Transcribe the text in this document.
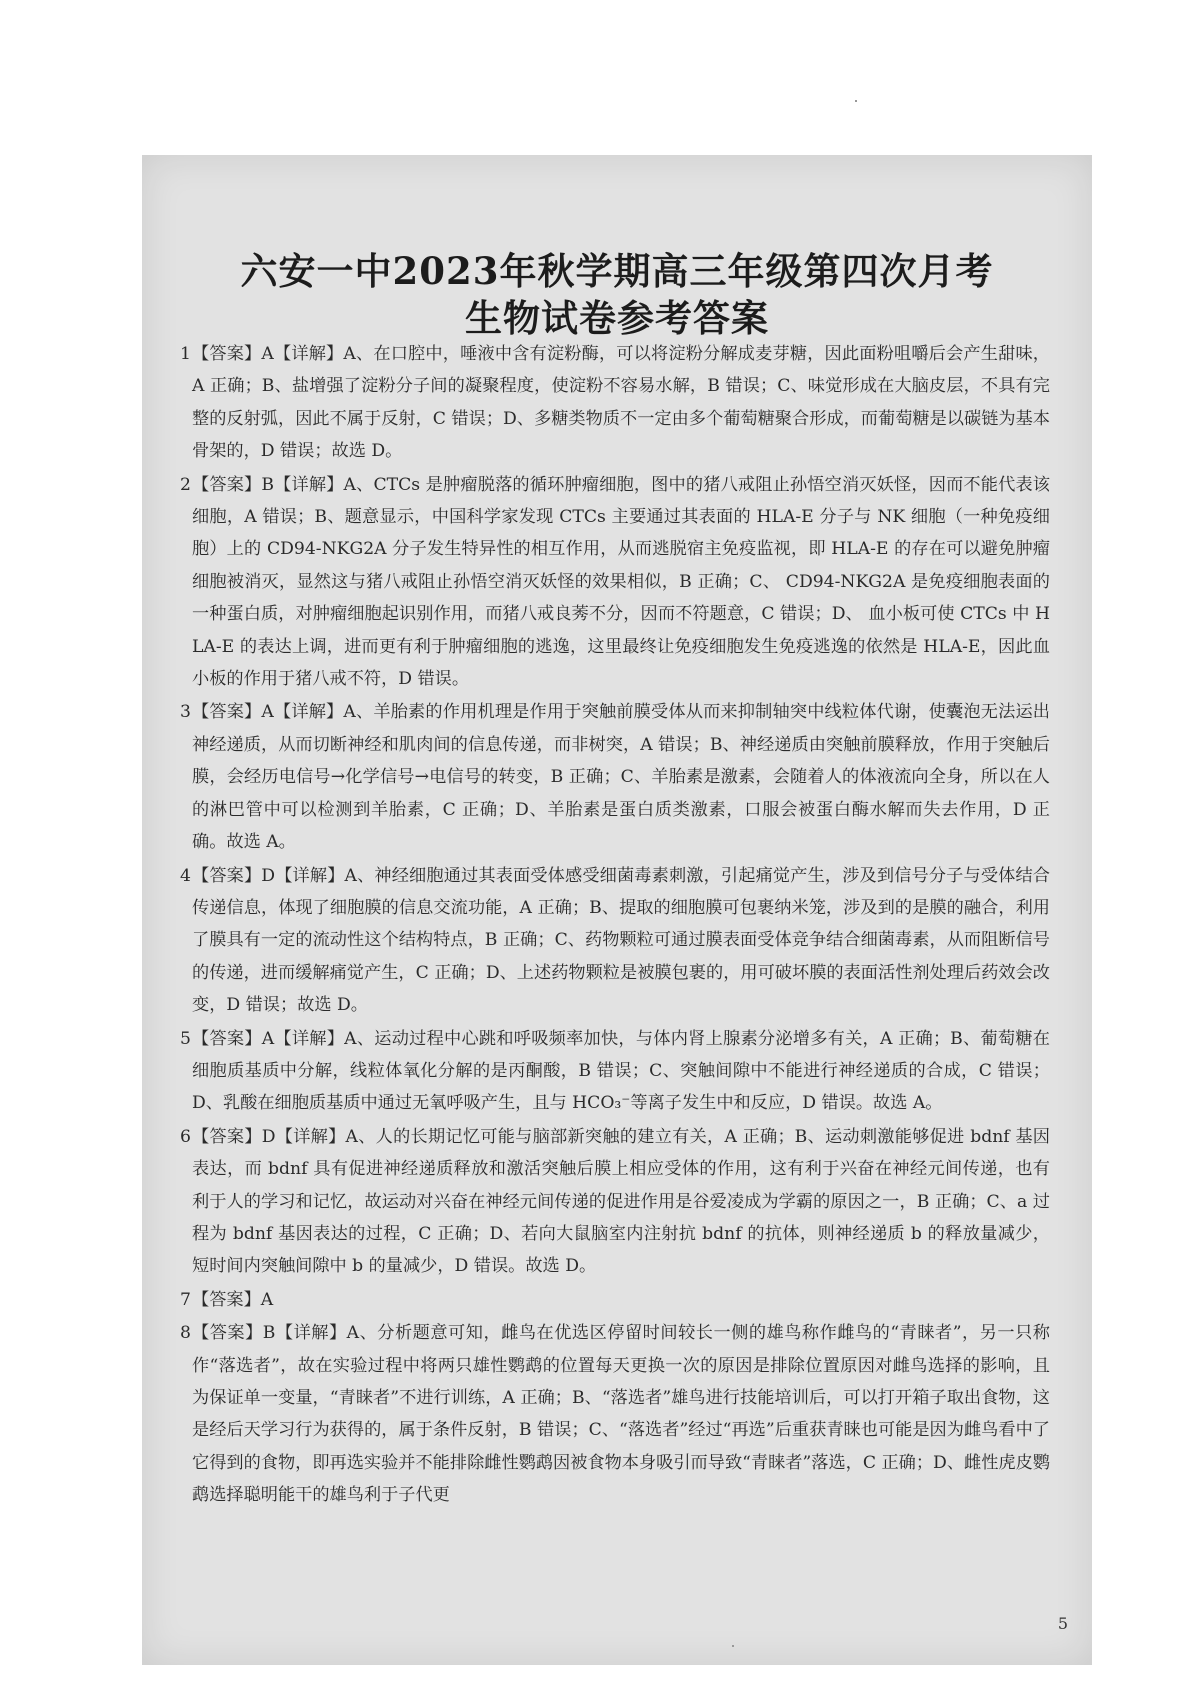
六安一中2023年秋学期高三年级第四次月考
生物试卷参考答案
1 【答案】A【详解】A、在口腔中，唾液中含有淀粉酶，可以将淀粉分解成麦芽糖，因此面粉咀嚼后会产生甜味，A 正确；B、盐增强了淀粉分子间的凝聚程度，使淀粉不容易水解，B 错误；C、味觉形成在大脑皮层，不具有完整的反射弧，因此不属于反射，C 错误；D、多糖类物质不一定由多个葡萄糖聚合形成，而葡萄糖是以碳链为基本骨架的，D 错误；故选 D。
2 【答案】B【详解】A、CTCs 是肿瘤脱落的循环肿瘤细胞，图中的猪八戒阻止孙悟空消灭妖怪，因而不能代表该细胞，A 错误；B、题意显示，中国科学家发现 CTCs 主要通过其表面的 HLA-E 分子与 NK 细胞（一种免疫细胞）上的 CD94-NKG2A 分子发生特异性的相互作用，从而逃脱宿主免疫监视，即 HLA-E 的存在可以避免肿瘤细胞被消灭，显然这与猪八戒阻止孙悟空消灭妖怪的效果相似，B 正确；C、 CD94-NKG2A 是免疫细胞表面的一种蛋白质，对肿瘤细胞起识别作用，而猪八戒良莠不分，因而不符题意，C 错误；D、 血小板可使 CTCs 中 HLA-E 的表达上调，进而更有利于肿瘤细胞的逃逸，这里最终让免疫细胞发生免疫逃逸的依然是 HLA-E，因此血小板的作用于猪八戒不符，D 错误。
3 【答案】A【详解】A、羊胎素的作用机理是作用于突触前膜受体从而来抑制轴突中线粒体代谢，使囊泡无法运出神经递质，从而切断神经和肌肉间的信息传递，而非树突，A 错误；B、神经递质由突触前膜释放，作用于突触后膜，会经历电信号→化学信号→电信号的转变，B 正确；C、羊胎素是激素，会随着人的体液流向全身，所以在人的淋巴管中可以检测到羊胎素，C 正确；D、羊胎素是蛋白质类激素，口服会被蛋白酶水解而失去作用，D 正确。故选 A。
4 【答案】D【详解】A、神经细胞通过其表面受体感受细菌毒素刺激，引起痛觉产生，涉及到信号分子与受体结合传递信息，体现了细胞膜的信息交流功能，A 正确；B、提取的细胞膜可包裹纳米笼，涉及到的是膜的融合，利用了膜具有一定的流动性这个结构特点，B 正确；C、药物颗粒可通过膜表面受体竞争结合细菌毒素，从而阻断信号的传递，进而缓解痛觉产生，C 正确；D、上述药物颗粒是被膜包裹的，用可破坏膜的表面活性剂处理后药效会改变，D 错误；故选 D。
5 【答案】A【详解】A、运动过程中心跳和呼吸频率加快，与体内肾上腺素分泌增多有关，A 正确；B、葡萄糖在细胞质基质中分解，线粒体氧化分解的是丙酮酸，B 错误；C、突触间隙中不能进行神经递质的合成，C 错误；D、乳酸在细胞质基质中通过无氧呼吸产生，且与 HCO₃⁻等离子发生中和反应，D 错误。故选 A。
6 【答案】D【详解】A、人的长期记忆可能与脑部新突触的建立有关，A 正确；B、运动刺激能够促进 bdnf 基因表达，而 bdnf 具有促进神经递质释放和激活突触后膜上相应受体的作用，这有利于兴奋在神经元间传递，也有利于人的学习和记忆，故运动对兴奋在神经元间传递的促进作用是谷爱凌成为学霸的原因之一，B 正确；C、a 过程为 bdnf 基因表达的过程，C 正确；D、若向大鼠脑室内注射抗 bdnf 的抗体，则神经递质 b 的释放量减少，短时间内突触间隙中 b 的量减少，D 错误。故选 D。
7 【答案】A
8 【答案】B【详解】A、分析题意可知，雌鸟在优选区停留时间较长一侧的雄鸟称作雌鸟的“青睐者”，另一只称作“落选者”，故在实验过程中将两只雄性鹦鹉的位置每天更换一次的原因是排除位置原因对雌鸟选择的影响，且为保证单一变量，“青睐者”不进行训练，A 正确；B、“落选者”雄鸟进行技能培训后，可以打开箱子取出食物，这是经后天学习行为获得的，属于条件反射，B 错误；C、“落选者”经过“再选”后重获青睐也可能是因为雌鸟看中了它得到的食物，即再选实验并不能排除雌性鹦鹉因被食物本身吸引而导致“青睐者”落选，C 正确；D、雌性虎皮鹦鹉选择聪明能干的雄鸟利于子代更
5
